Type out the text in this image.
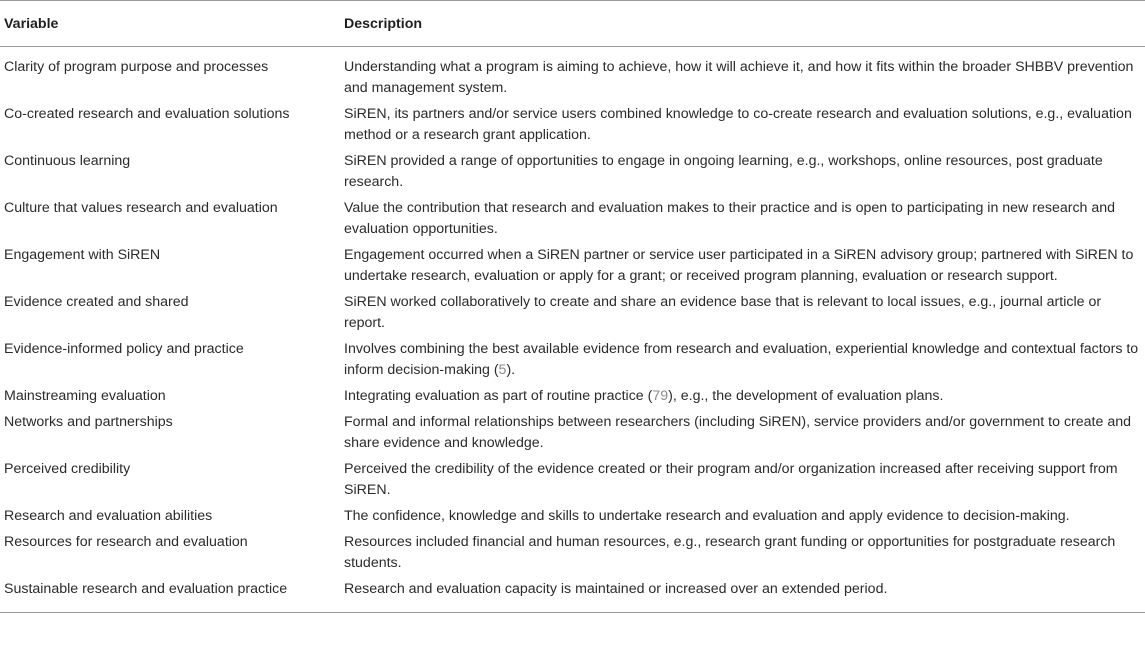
Variable	Description
Clarity of program purpose and processes	Understanding what a program is aiming to achieve, how it will achieve it, and how it fits within the broader SHBBV prevention and management system.
Co-created research and evaluation solutions	SiREN, its partners and/or service users combined knowledge to co-create research and evaluation solutions, e.g., evaluation method or a research grant application.
Continuous learning	SiREN provided a range of opportunities to engage in ongoing learning, e.g., workshops, online resources, post graduate research.
Culture that values research and evaluation	Value the contribution that research and evaluation makes to their practice and is open to participating in new research and evaluation opportunities.
Engagement with SiREN	Engagement occurred when a SiREN partner or service user participated in a SiREN advisory group; partnered with SiREN to undertake research, evaluation or apply for a grant; or received program planning, evaluation or research support.
Evidence created and shared	SiREN worked collaboratively to create and share an evidence base that is relevant to local issues, e.g., journal article or report.
Evidence-informed policy and practice	Involves combining the best available evidence from research and evaluation, experiential knowledge and contextual factors to inform decision-making (5).
Mainstreaming evaluation	Integrating evaluation as part of routine practice (79), e.g., the development of evaluation plans.
Networks and partnerships	Formal and informal relationships between researchers (including SiREN), service providers and/or government to create and share evidence and knowledge.
Perceived credibility	Perceived the credibility of the evidence created or their program and/or organization increased after receiving support from SiREN.
Research and evaluation abilities	The confidence, knowledge and skills to undertake research and evaluation and apply evidence to decision-making.
Resources for research and evaluation	Resources included financial and human resources, e.g., research grant funding or opportunities for postgraduate research students.
Sustainable research and evaluation practice	Research and evaluation capacity is maintained or increased over an extended period.
